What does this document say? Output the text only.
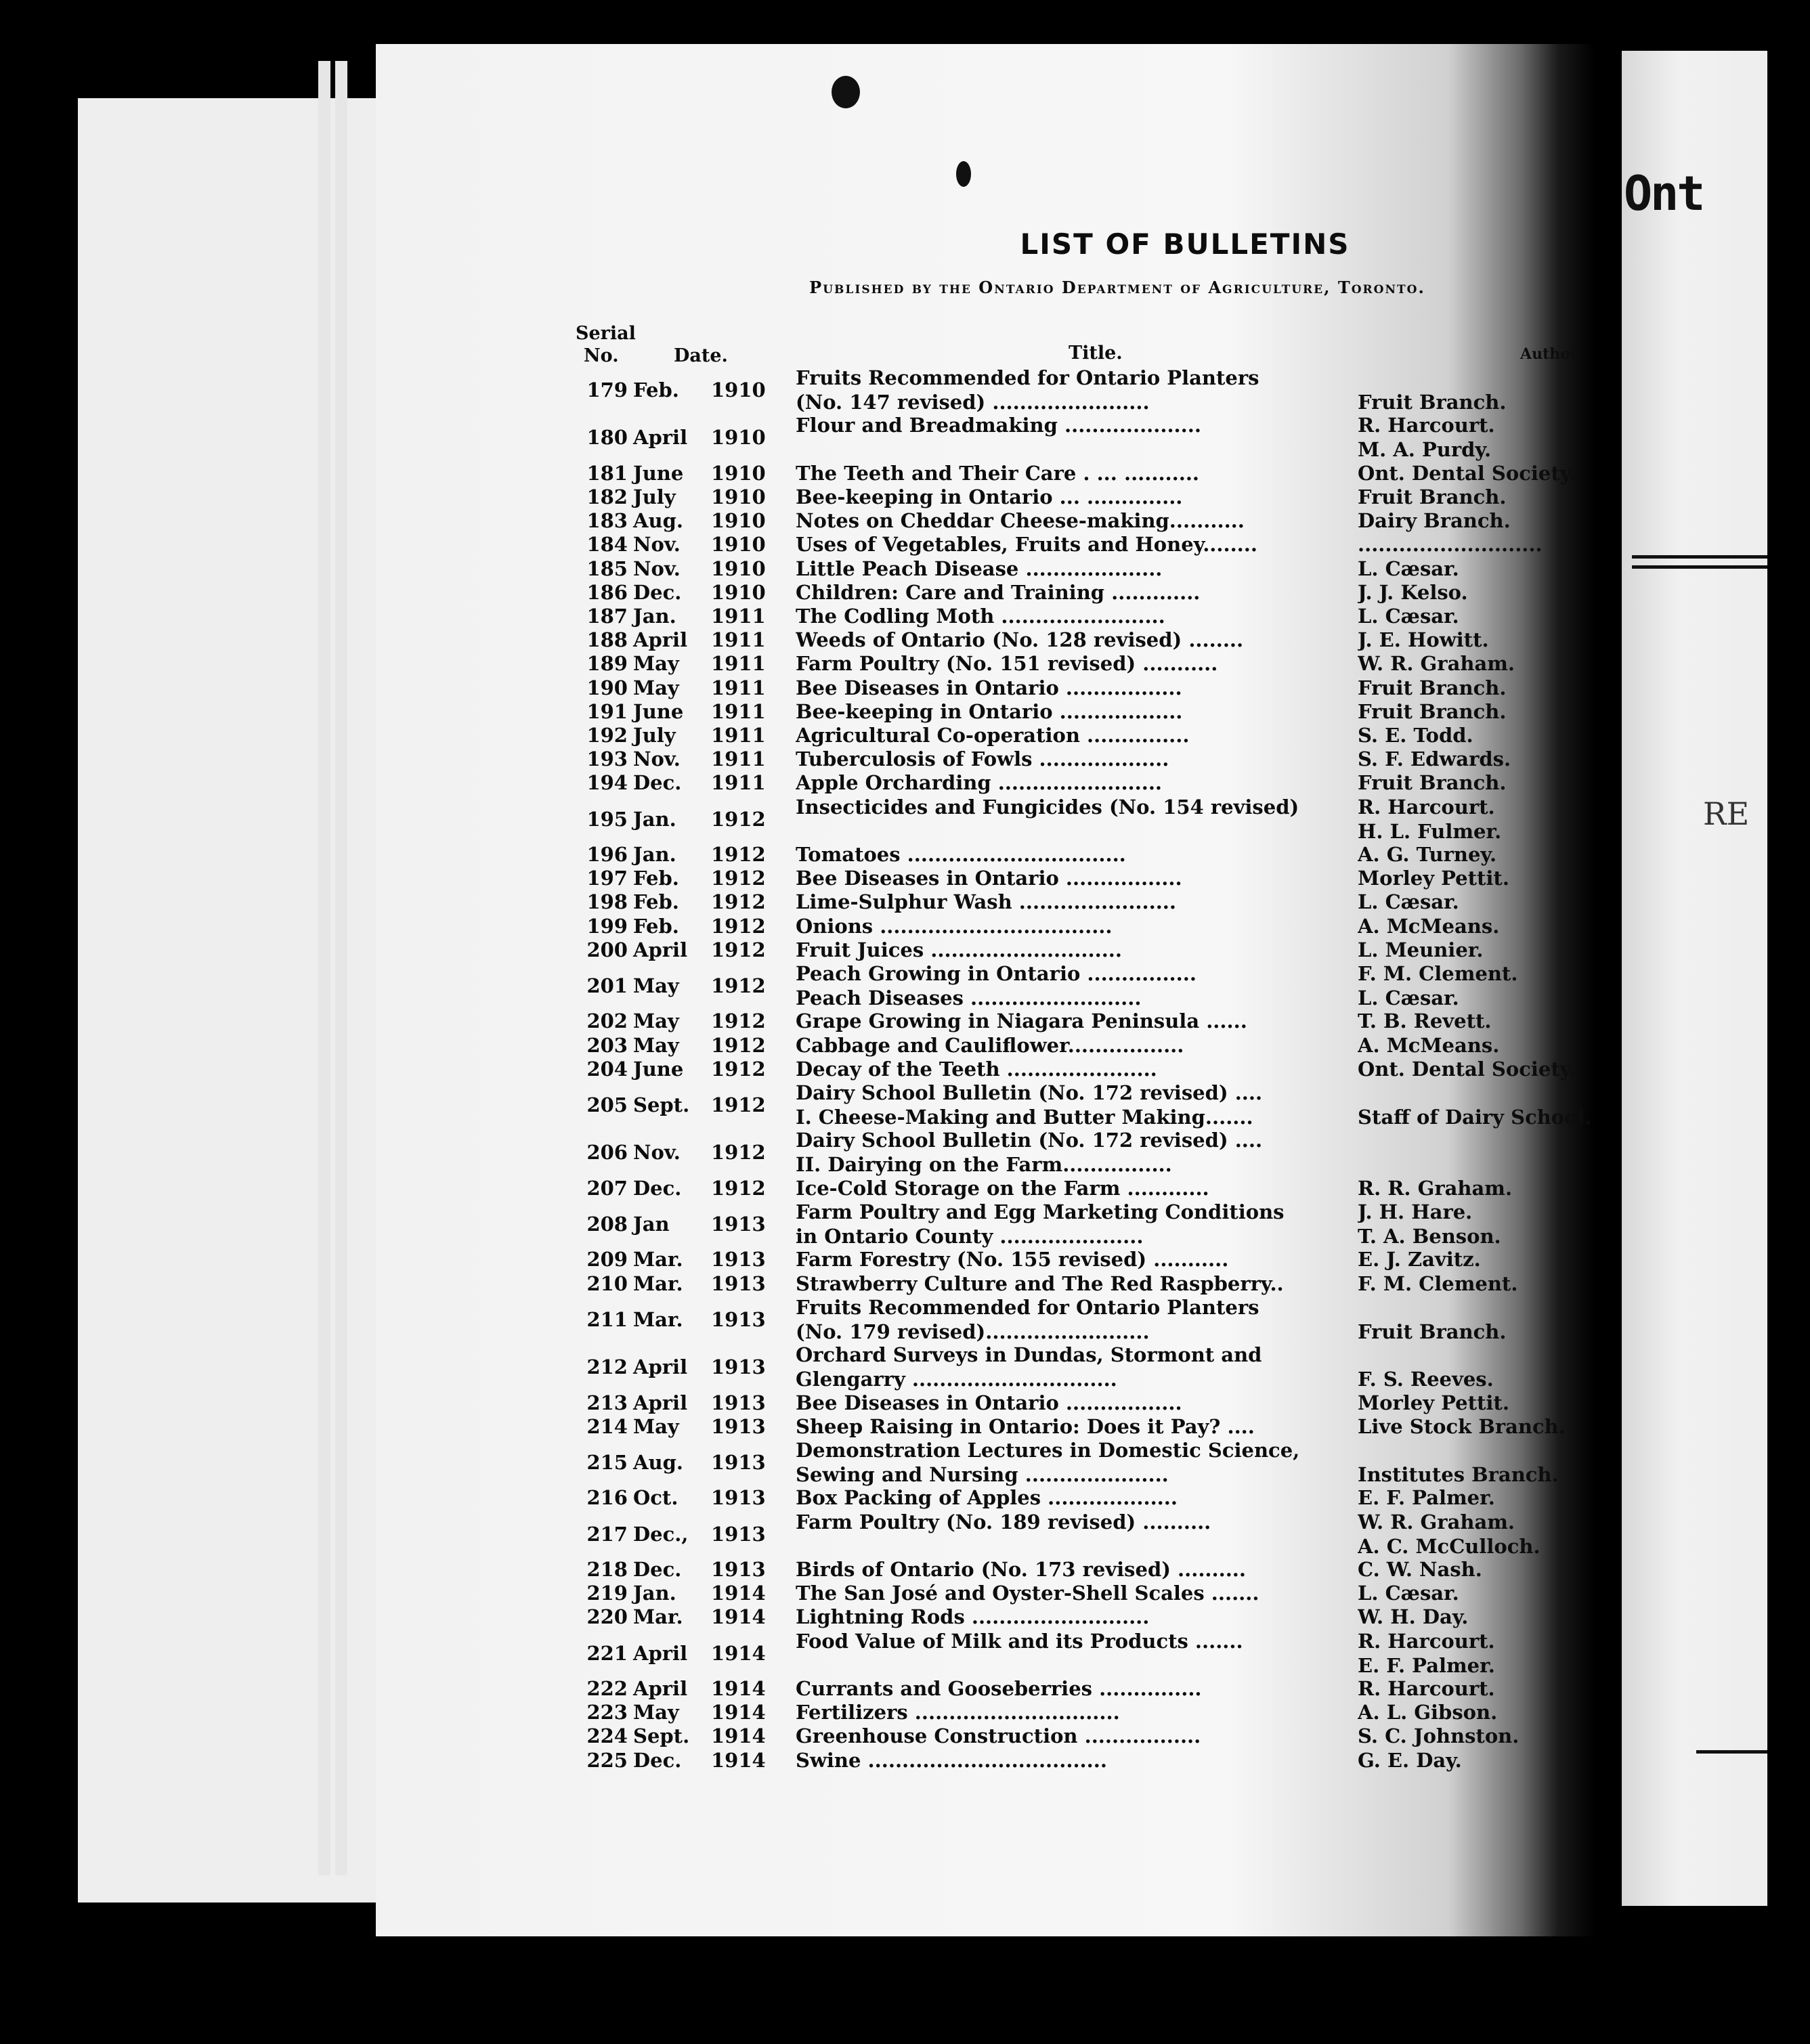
Ont
RE
LIST OF BULLETINS

Published by the Ontario Department of Agriculture, Toronto.

Serial
No.	Date.	Title.	Author.
179 Feb. 1910
Fruits Recommended for Ontario Planters
(No. 147 revised) .......................	Fruit Branch.
180 April 1910
Flour and Breadmaking ....................	R. Harcourt.
M. A. Purdy.
181 June 1910 The Teeth and Their Care . ... ...........	Ont. Dental Society.
182 July 1910 Bee-keeping in Ontario ... ..............	Fruit Branch.
183 Aug. 1910 Notes on Cheddar Cheese-making...........	Dairy Branch.
184 Nov. 1910 Uses of Vegetables, Fruits and Honey........	...........................
185 Nov. 1910 Little Peach Disease ....................	L. Cæsar.
186 Dec. 1910 Children: Care and Training .............	J. J. Kelso.
187 Jan. 1911 The Codling Moth ........................	L. Cæsar.
188 April 1911 Weeds of Ontario (No. 128 revised) ........	J. E. Howitt.
189 May 1911 Farm Poultry (No. 151 revised) ...........	W. R. Graham.
190 May 1911 Bee Diseases in Ontario .................	Fruit Branch.
191 June 1911 Bee-keeping in Ontario ..................	Fruit Branch.
192 July 1911 Agricultural Co-operation ...............	S. E. Todd.
193 Nov. 1911 Tuberculosis of Fowls ...................	S. F. Edwards.
194 Dec. 1911 Apple Orcharding ........................	Fruit Branch.
195 Jan. 1912
Insecticides and Fungicides (No. 154 revised)	R. Harcourt.
H. L. Fulmer.
196 Jan. 1912 Tomatoes ................................	A. G. Turney.
197 Feb. 1912 Bee Diseases in Ontario .................	Morley Pettit.
198 Feb. 1912 Lime-Sulphur Wash .......................	L. Cæsar.
199 Feb. 1912 Onions ..................................	A. McMeans.
200 April 1912 Fruit Juices ............................	L. Meunier.
201 May 1912
Peach Growing in Ontario ................	F. M. Clement.
Peach Diseases .........................	L. Cæsar.
202 May 1912 Grape Growing in Niagara Peninsula ......	T. B. Revett.
203 May 1912 Cabbage and Cauliflower.................	A. McMeans.
204 June 1912 Decay of the Teeth ......................	Ont. Dental Society.
205 Sept. 1912
Dairy School Bulletin (No. 172 revised) ....
I. Cheese-Making and Butter Making.......	Staff of Dairy School.
206 Nov. 1912
Dairy School Bulletin (No. 172 revised) ....
II. Dairying on the Farm................
207 Dec. 1912 Ice-Cold Storage on the Farm ............	R. R. Graham.
208 Jan 1913
Farm Poultry and Egg Marketing Conditions	J. H. Hare.
in Ontario County .....................	T. A. Benson.
209 Mar. 1913 Farm Forestry (No. 155 revised) ...........	E. J. Zavitz.
210 Mar. 1913 Strawberry Culture and The Red Raspberry..	F. M. Clement.
211 Mar. 1913
Fruits Recommended for Ontario Planters
(No. 179 revised)........................	Fruit Branch.
212 April 1913
Orchard Surveys in Dundas, Stormont and
Glengarry ..............................	F. S. Reeves.
213 April 1913 Bee Diseases in Ontario .................	Morley Pettit.
214 May 1913 Sheep Raising in Ontario: Does it Pay? ....	Live Stock Branch.
215 Aug. 1913
Demonstration Lectures in Domestic Science,
Sewing and Nursing .....................	Institutes Branch.
216 Oct. 1913 Box Packing of Apples ...................	E. F. Palmer.
217 Dec., 1913
Farm Poultry (No. 189 revised) ..........	W. R. Graham.
A. C. McCulloch.
218 Dec. 1913 Birds of Ontario (No. 173 revised) ..........	C. W. Nash.
219 Jan. 1914 The San José and Oyster-Shell Scales .......	L. Cæsar.
220 Mar. 1914 Lightning Rods ..........................	W. H. Day.
221 April 1914
Food Value of Milk and its Products .......	R. Harcourt.
E. F. Palmer.
222 April 1914 Currants and Gooseberries ...............	R. Harcourt.
223 May 1914 Fertilizers ..............................	A. L. Gibson.
224 Sept. 1914 Greenhouse Construction .................	S. C. Johnston.
225 Dec. 1914 Swine ...................................	G. E. Day.
